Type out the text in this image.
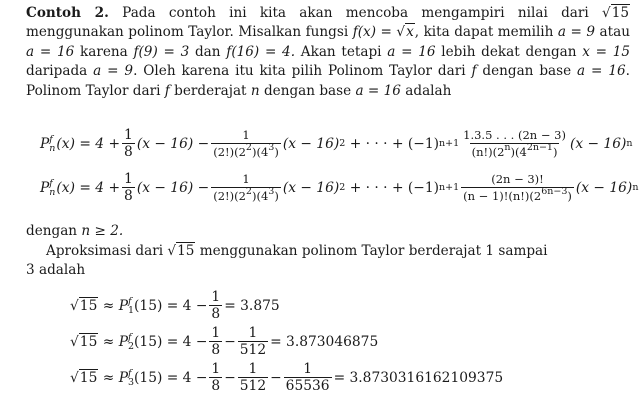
Contoh 2. Pada contoh ini kita akan mencoba mengampiri nilai dari √15 menggunakan polinom Taylor. Misalkan fungsi f(x) = √x, kita dapat memilih a = 9 atau a = 16 karena f(9) = 3 dan f(16) = 4. Akan tetapi a = 16 lebih dekat dengan x = 15 daripada a = 9. Oleh karena itu kita pilih Polinom Taylor dari f dengan base a = 16. Polinom Taylor dari f berderajat n dengan base a = 16 adalah

P f
n $(x) = 4 + \frac{1}{8} (x - 16) - \frac{1}{(2!)(2^2)(4^3)} (x - 16)$ 2
+ · · · + (−1) $n+1 \frac{1.3.5 . . . (2n - 3)}{(n!)(2^n)(4^{2n-1})} (x - 16)$ n
P f
n $(x) = 4 + \frac{1}{8} (x - 16) - \frac{1}{(2!)(2^2)(4^3)} (x - 16)$ 2
+ · · · + (−1) $n+1 \frac{(2n - 3)!}{(n - 1)!(n!)(2^{6n-3})} (x - 16)$ n
dengan n ≥ 2.
Aproksimasi dari √15 menggunakan polinom Taylor berderajat 1 sampai
3 adalah
√15
≈ P f
1 $(15) = 4 - \frac{1}{8} = 3.875$
√15
≈ P f
2 $(15) = 4 - \frac{1}{8} - \frac{1}{512} = 3.873046875$
√15
≈ P f
3 $(15) = 4 - \frac{1}{8} - \frac{1}{512} - \frac{1}{65536} = 3.8730316162109375$
